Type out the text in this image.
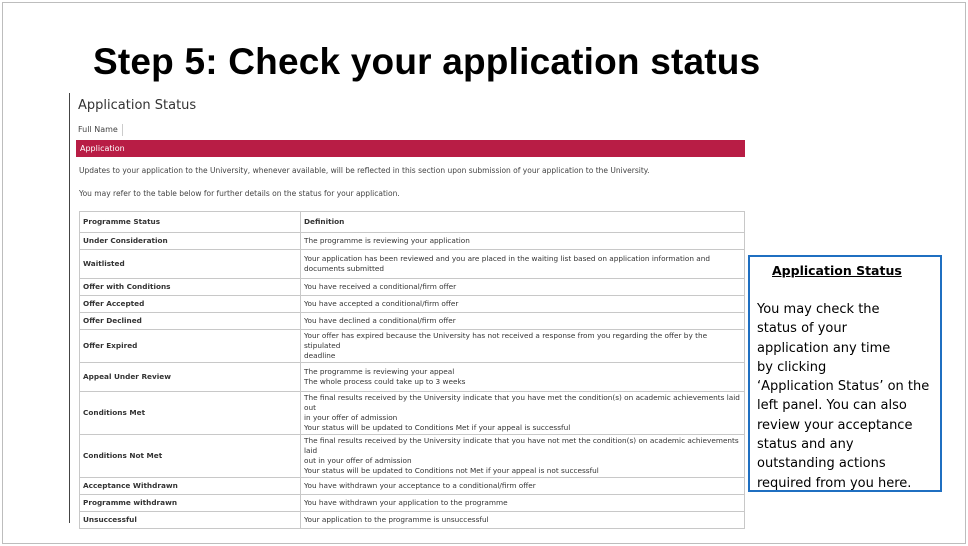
Step 5: Check your application status
Application Status
Full Name
Application
Updates to your application to the University, whenever available, will be reflected in this section upon submission of your application to the University.
You may refer to the table below for further details on the status for your application.
Programme Status	Definition
Under Consideration	The programme is reviewing your application

Waitlisted	Your application has been reviewed and you are placed in the waiting list based on application information and
documents submitted

Offer with Conditions	You have received a conditional/firm offer

Offer Accepted	You have accepted a conditional/firm offer

Offer Declined	You have declined a conditional/firm offer

Offer Expired	Your offer has expired because the University has not received a response from you regarding the offer by the stipulated
deadline

Appeal Under Review	The programme is reviewing your appeal
The whole process could take up to 3 weeks

Conditions Met	The final results received by the University indicate that you have met the condition(s) on academic achievements laid out
in your offer of admission
Your status will be updated to Conditions Met if your appeal is successful

Conditions Not Met	The final results received by the University indicate that you have not met the condition(s) on academic achievements laid
out in your offer of admission
Your status will be updated to Conditions not Met if your appeal is not successful

Acceptance Withdrawn	You have withdrawn your acceptance to a conditional/firm offer

Programme withdrawn	You have withdrawn your application to the programme

Unsuccessful	Your application to the programme is unsuccessful
Application Status
You may check the
status of your
application any time
by clicking
‘Application Status’ on the
left panel. You can also
review your acceptance
status and any
outstanding actions
required from you here.
